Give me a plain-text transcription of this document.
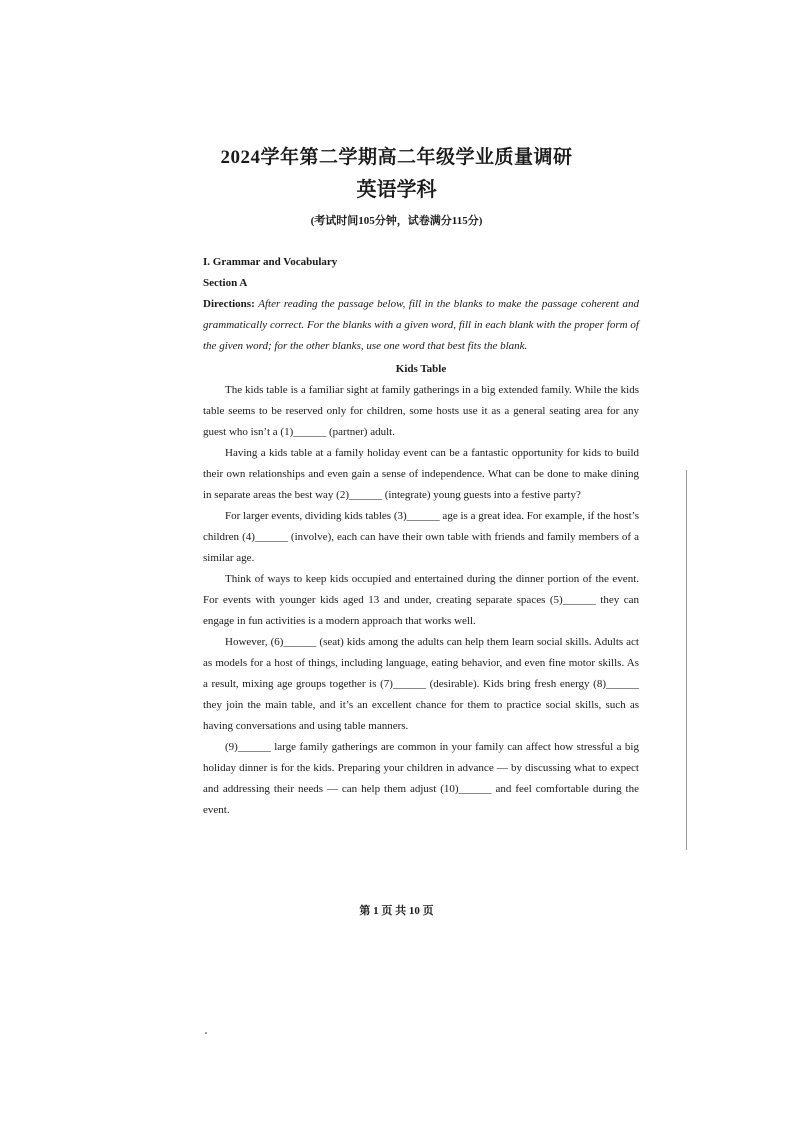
2024学年第二学期高二年级学业质量调研
英语学科
(考试时间105分钟，试卷满分115分)

I. Grammar and Vocabulary

Section A

Directions: After reading the passage below, fill in the blanks to make the passage coherent and grammatically correct. For the blanks with a given word, fill in each blank with the proper form of the given word; for the other blanks, use one word that best fits the blank.

Kids Table

The kids table is a familiar sight at family gatherings in a big extended family. While the kids table seems to be reserved only for children, some hosts use it as a general seating area for any guest who isn’t a (1)______ (partner) adult.

Having a kids table at a family holiday event can be a fantastic opportunity for kids to build their own relationships and even gain a sense of independence. What can be done to make dining in separate areas the best way (2)______ (integrate) young guests into a festive party?

For larger events, dividing kids tables (3)______ age is a great idea. For example, if the host’s children (4)______ (involve), each can have their own table with friends and family members of a similar age.

Think of ways to keep kids occupied and entertained during the dinner portion of the event. For events with younger kids aged 13 and under, creating separate spaces (5)______ they can engage in fun activities is a modern approach that works well.

However, (6)______ (seat) kids among the adults can help them learn social skills. Adults act as models for a host of things, including language, eating behavior, and even fine motor skills. As a result, mixing age groups together is (7)______ (desirable). Kids bring fresh energy (8)______ they join the main table, and it’s an excellent chance for them to practice social skills, such as having conversations and using table manners.

(9)______ large family gatherings are common in your family can affect how stressful a big holiday dinner is for the kids. Preparing your children in advance — by discussing what to expect and addressing their needs — can help them adjust (10)______ and feel comfortable during the event.

第 1 页 共 10 页
